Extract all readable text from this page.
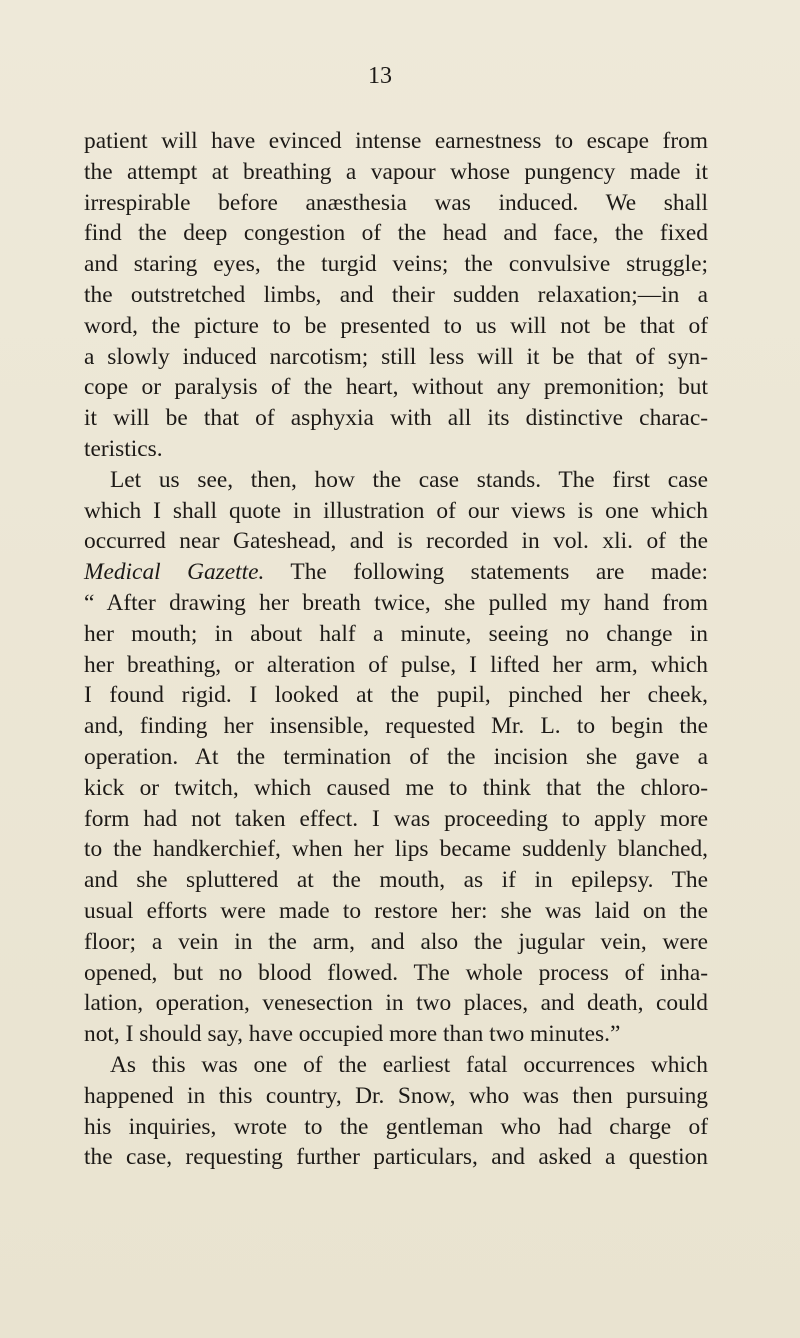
13
patient will have evinced intense earnestness to escape from
the attempt at breathing a vapour whose pungency made it
irrespirable before anæsthesia was induced. We shall
find the deep congestion of the head and face, the fixed
and staring eyes, the turgid veins; the convulsive struggle;
the outstretched limbs, and their sudden relaxation;—in a
word, the picture to be presented to us will not be that of
a slowly induced narcotism; still less will it be that of syn-
cope or paralysis of the heart, without any premonition; but
it will be that of asphyxia with all its distinctive charac-
teristics.
Let us see, then, how the case stands. The first case
which I shall quote in illustration of our views is one which
occurred near Gateshead, and is recorded in vol. xli. of the
Medical Gazette. The following statements are made:
“ After drawing her breath twice, she pulled my hand from
her mouth; in about half a minute, seeing no change in
her breathing, or alteration of pulse, I lifted her arm, which
I found rigid. I looked at the pupil, pinched her cheek,
and, finding her insensible, requested Mr. L. to begin the
operation. At the termination of the incision she gave a
kick or twitch, which caused me to think that the chloro-
form had not taken effect. I was proceeding to apply more
to the handkerchief, when her lips became suddenly blanched,
and she spluttered at the mouth, as if in epilepsy. The
usual efforts were made to restore her: she was laid on the
floor; a vein in the arm, and also the jugular vein, were
opened, but no blood flowed. The whole process of inha-
lation, operation, venesection in two places, and death, could
not, I should say, have occupied more than two minutes.”
As this was one of the earliest fatal occurrences which
happened in this country, Dr. Snow, who was then pursuing
his inquiries, wrote to the gentleman who had charge of
the case, requesting further particulars, and asked a question
